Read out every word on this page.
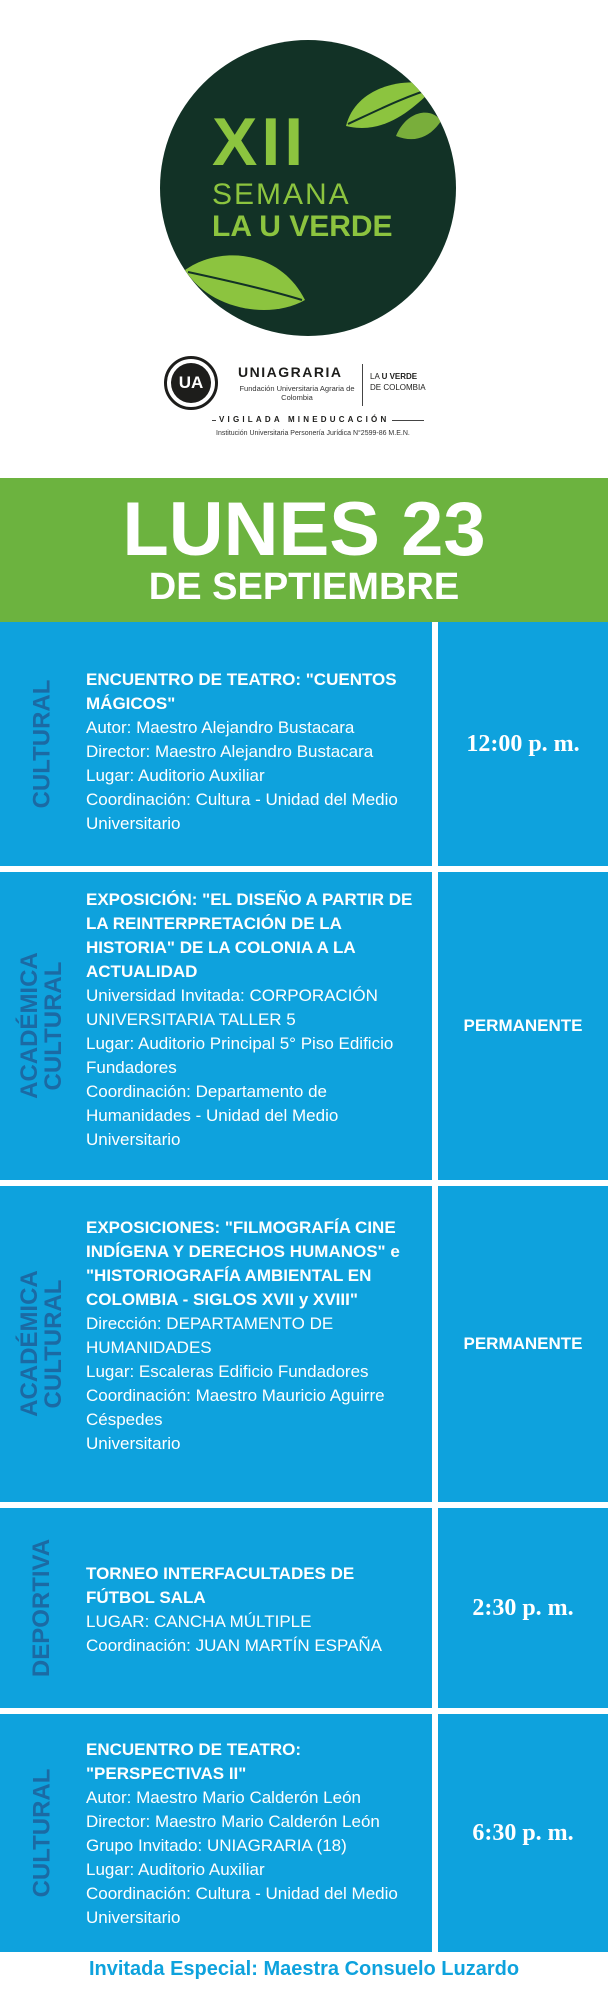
XII
SEMANA
LA U VERDE
UA
UNIAGRARIA
Fundación Universitaria Agraria de Colombia
LA U VERDE
DE COLOMBIA
VIGILADA MINEDUCACIÓN
Institución Universitaria Personería Jurídica N°2599-86 M.E.N.
LUNES 23
DE SEPTIEMBRE
CULTURAL
ENCUENTRO DE TEATRO: "CUENTOS MÁGICOS"
Autor: Maestro Alejandro Bustacara
Director: Maestro Alejandro Bustacara
Lugar: Auditorio Auxiliar
Coordinación: Cultura - Unidad del Medio Universitario
12:00 p. m.
ACADÉMICA CULTURAL
EXPOSICIÓN: "EL DISEÑO A PARTIR DE LA REINTERPRETACIÓN DE LA HISTORIA" DE LA COLONIA A LA ACTUALIDAD
Universidad Invitada: CORPORACIÓN UNIVERSITARIA TALLER 5
Lugar: Auditorio Principal 5° Piso Edificio Fundadores
Coordinación: Departamento de Humanidades - Unidad del Medio Universitario
PERMANENTE
ACADÉMICA CULTURAL
EXPOSICIONES: "FILMOGRAFÍA CINE INDÍGENA Y DERECHOS HUMANOS" e "HISTORIOGRAFÍA AMBIENTAL EN COLOMBIA - SIGLOS XVII y XVIII"
Dirección: DEPARTAMENTO DE HUMANIDADES
Lugar: Escaleras Edificio Fundadores
Coordinación: Maestro Mauricio Aguirre Céspedes
Universitario
PERMANENTE
DEPORTIVA TORNEO INTERFACULTADES DE FÚTBOL SALA
LUGAR: CANCHA MÚLTIPLE
Coordinación: JUAN MARTÍN ESPAÑA
2:30 p. m.
CULTURAL
ENCUENTRO DE TEATRO: "PERSPECTIVAS II"
Autor: Maestro Mario Calderón León
Director: Maestro Mario Calderón León
Grupo Invitado: UNIAGRARIA (18)
Lugar: Auditorio Auxiliar
Coordinación: Cultura - Unidad del Medio Universitario
6:30 p. m.
Invitada Especial: Maestra Consuelo Luzardo
